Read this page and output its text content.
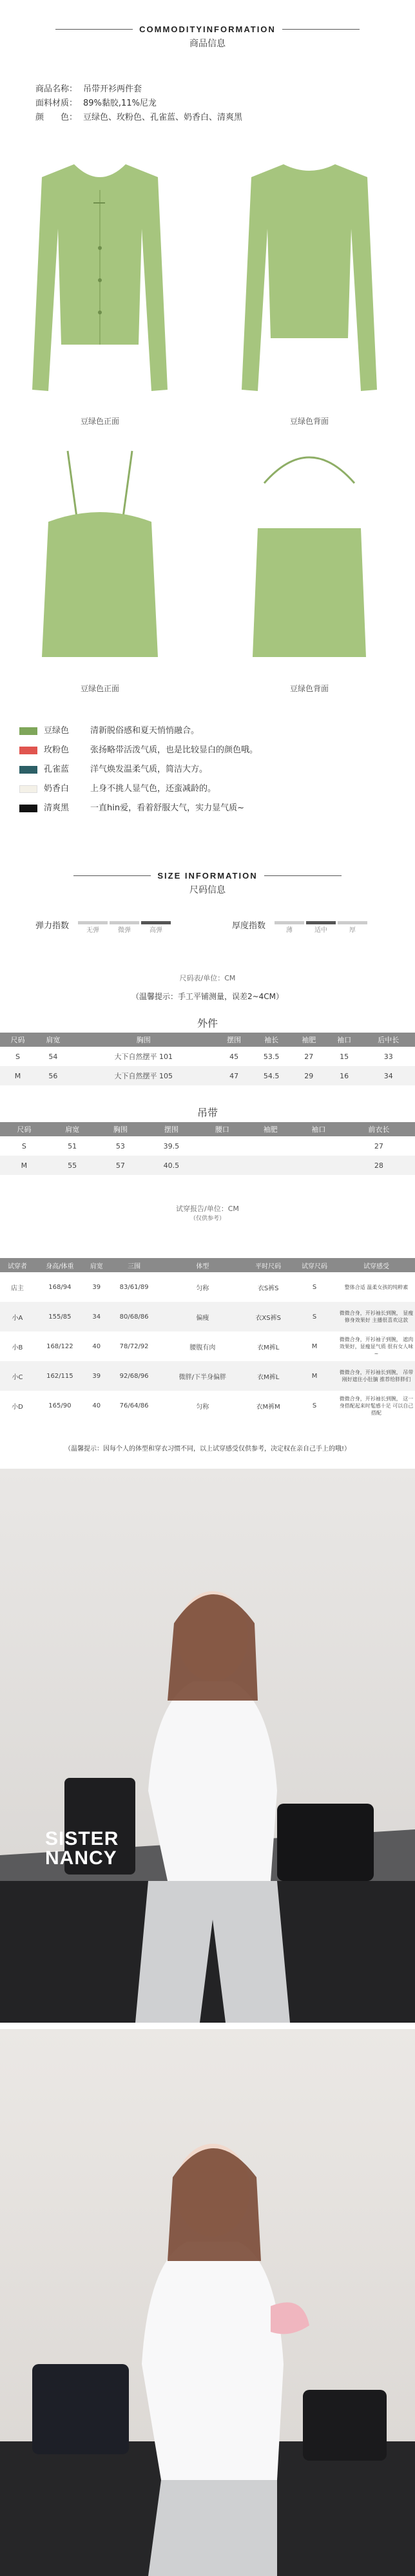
COMMODITYINFORMATION
商品信息
商品名称： 吊带开衫两件套
面料材质： 89%黏胶,11%尼龙
颜　　色： 豆绿色、玫粉色、孔雀蓝、奶香白、清爽黑
豆绿色正面	豆绿色背面
豆绿色正面	豆绿色背面
豆绿色	清新脱俗感和夏天悄悄融合。
玫粉色	张扬略带活泼气质，也是比较显白的颜色哦。
孔雀蓝	洋气焕发温柔气质，简洁大方。
奶香白	上身不挑人显气色，还蛮减龄的。
清爽黑	一直hin爱，看着舒服大气，实力显气质~
SIZE INFORMATION
尺码信息
弹力指数	无弹	微弹	高弹	厚度指数	薄	适中	厚
尺码表/单位：CM
（温馨提示：手工平铺测量，误差2~4CM）
外件
尺码	肩宽	胸围	摆围	袖长	袖肥	袖口	后中长
S	54	大下自然摆平 101	45	53.5	27	15	33
M	56	大下自然摆平 105	47	54.5	29	16	34
吊带
尺码	肩宽	胸围	摆围	腰口	袖肥	袖口	前衣长
S	51	53	39.5				27
M	55	57	40.5				28
试穿报告/单位：CM
（仅供参考）
试穿者	身高/体重	肩宽	三围	体型	平时尺码	试穿尺码	试穿感受
店主	168/94	39	83/61/89	匀称	衣S裤S	S	整体合适 温柔女孩的纯粹素
小A	155/85	34	80/68/86	偏瘦	衣XS裤S	S	微微合身，开衫袖长到腕， 显瘦修身效果好 主播很喜欢这款
小B	168/122	40	78/72/92	腰腹有肉	衣M裤L	M	微微合身，开衫袖子到腕， 遮肉效果好，显瘦显气质 很有女人味~
小C	162/115	39	92/68/96	微胖/下半身偏胖	衣M裤L	M	微微合身，开衫袖长到腕， 吊带刚好遮住小肚腩 推荐给胖胖们
小D	165/90	40	76/64/86	匀称	衣M裤M	S	微微合身，开衫袖长到腕， 这一身搭配起来时髦感十足 可以自己搭配
（温馨提示：因每个人的体型和穿衣习惯不同，以上试穿感受仅供参考，决定权在亲自己手上的哦!）
SISTER
NANCY
